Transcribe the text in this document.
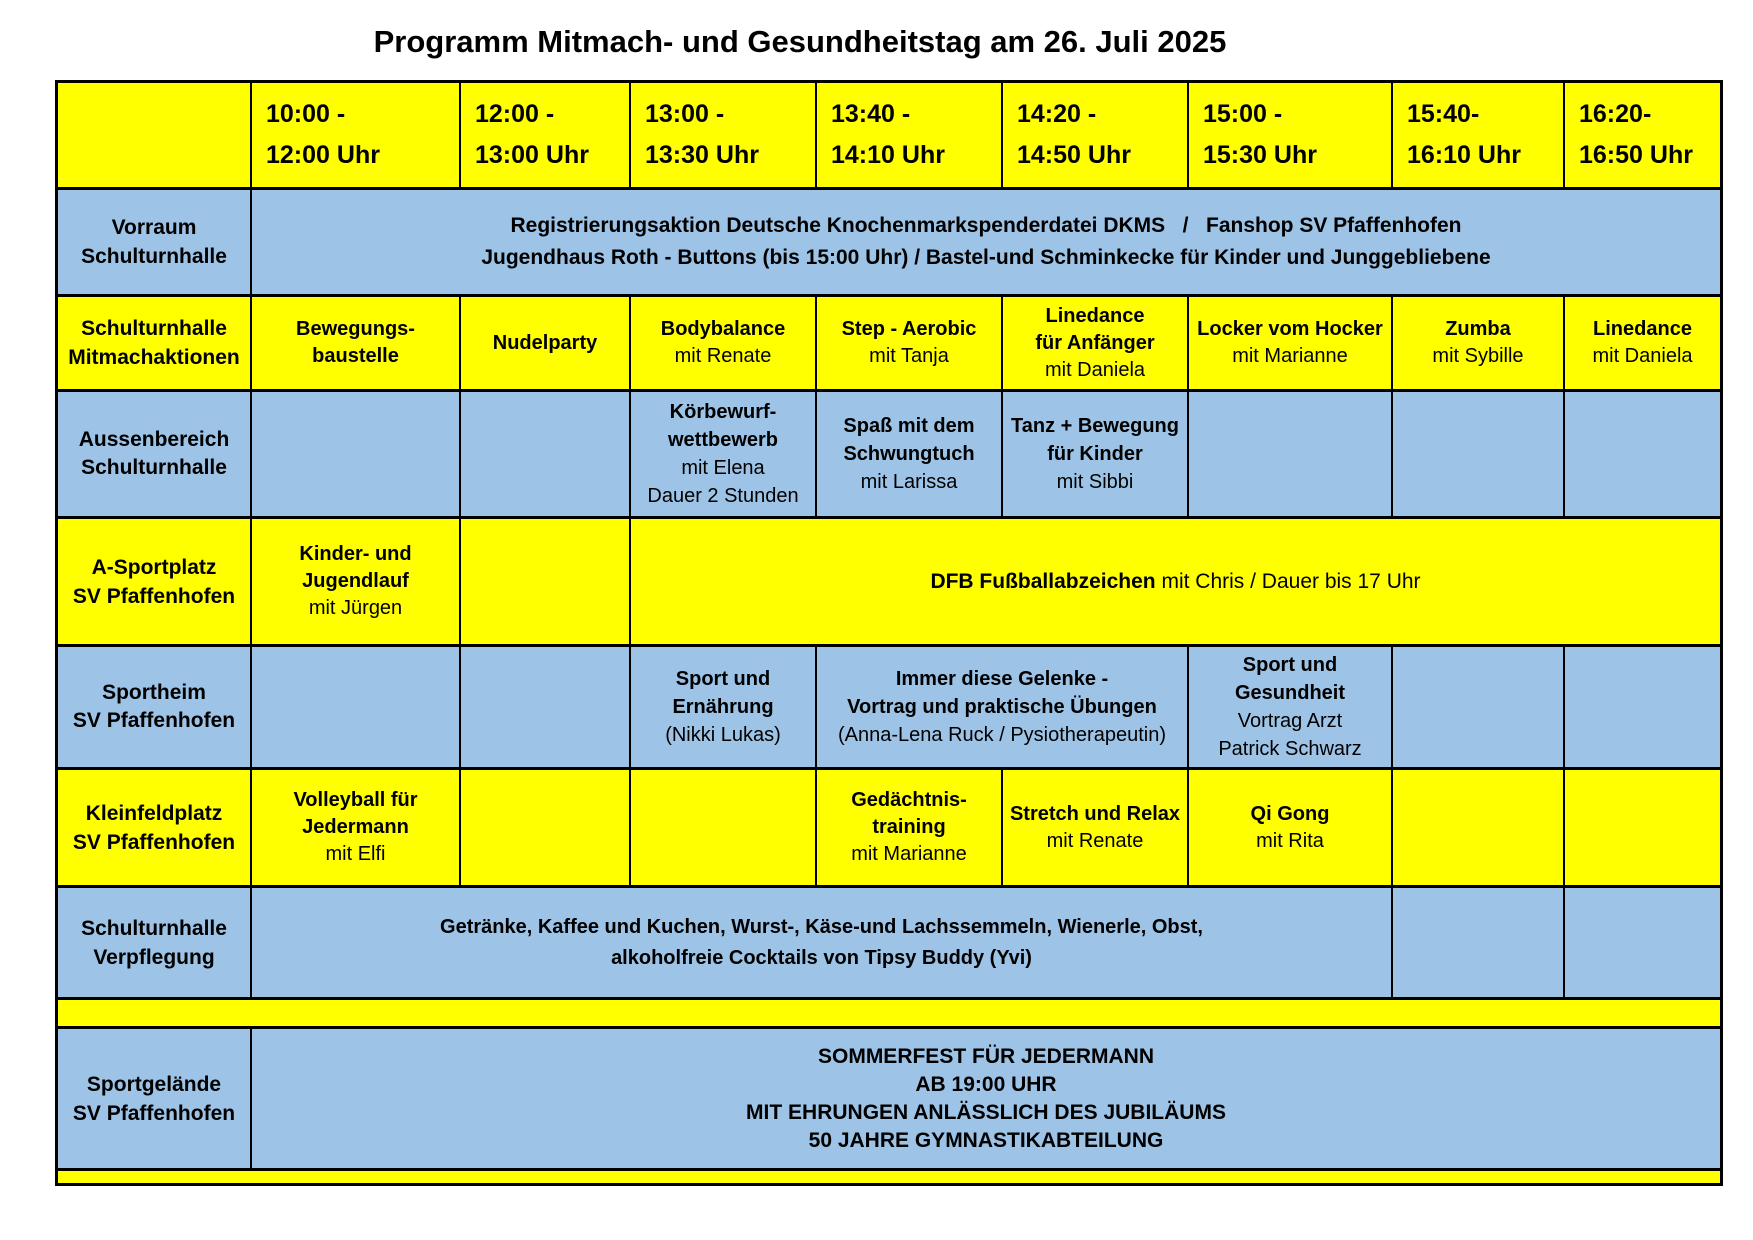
Programm Mitmach- und Gesundheitstag am 26. Juli 2025
10:00 -
12:00 Uhr
12:00 -
13:00 Uhr
13:00 -
13:30 Uhr
13:40 -
14:10 Uhr
14:20 -
14:50 Uhr
15:00 -
15:30 Uhr
15:40-
16:10 Uhr
16:20-
16:50 Uhr
Vorraum
Schulturnhalle
Registrierungsaktion Deutsche Knochenmarkspenderdatei DKMS   /   Fanshop SV Pfaffenhofen
Jugendhaus Roth - Buttons (bis 15:00 Uhr) / Bastel-und Schminkecke für Kinder und Junggebliebene
Schulturnhalle
Mitmachaktionen
Bewegungs-
baustelle
Nudelparty
Bodybalance
mit Renate
Step - Aerobic
mit Tanja
Linedance
für Anfänger
mit Daniela
Locker vom Hocker
mit Marianne
Zumba
mit Sybille
Linedance
mit Daniela
Aussenbereich
Schulturnhalle
Körbewurf-
wettbewerb
mit Elena
Dauer 2 Stunden
Spaß mit dem
Schwungtuch
mit Larissa
Tanz + Bewegung
für Kinder
mit Sibbi
A-Sportplatz
SV Pfaffenhofen
Kinder- und
Jugendlauf
mit Jürgen
DFB Fußballabzeichen mit Chris / Dauer bis 17 Uhr
Sportheim
SV Pfaffenhofen
Sport und
Ernährung
(Nikki Lukas)
Immer diese Gelenke -
Vortrag und praktische Übungen
(Anna-Lena Ruck / Pysiotherapeutin)
Sport und
Gesundheit
Vortrag Arzt
Patrick Schwarz
Kleinfeldplatz
SV Pfaffenhofen
Volleyball für
Jedermann
mit Elfi
Gedächtnis-
training
mit Marianne
Stretch und Relax
mit Renate
Qi Gong
mit Rita
Schulturnhalle
Verpflegung
Getränke, Kaffee und Kuchen, Wurst-, Käse-und Lachssemmeln, Wienerle, Obst,
alkoholfreie Cocktails von Tipsy Buddy (Yvi)
Sportgelände
SV Pfaffenhofen
SOMMERFEST FÜR JEDERMANN
AB 19:00 UHR
MIT EHRUNGEN ANLÄSSLICH DES JUBILÄUMS
50 JAHRE GYMNASTIKABTEILUNG
